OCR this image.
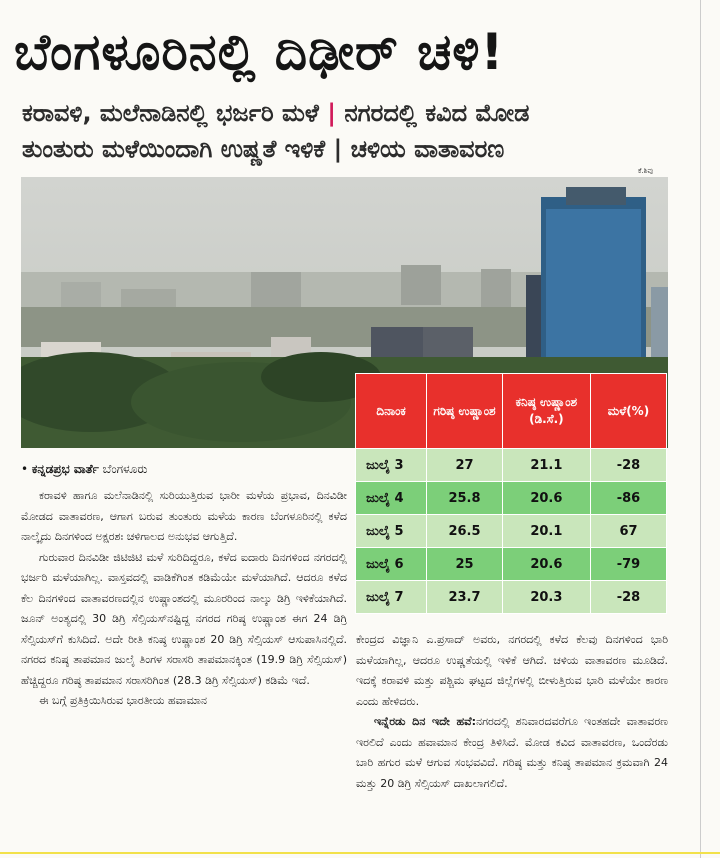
ಬೆಂಗಳೂರಿನಲ್ಲಿ ದಿಢೀರ್ ಚಳಿ!
ಕರಾವಳಿ, ಮಲೆನಾಡಿನಲ್ಲಿ ಭರ್ಜರಿ ಮಳೆ | ನಗರದಲ್ಲಿ ಕವಿದ ಮೋಡ
ತುಂತುರು ಮಳೆಯಿಂದಾಗಿ ಉಷ್ಣತೆ ಇಳಿಕೆ | ಚಳಿಯ ವಾತಾವರಣ
ಕೆ.ಶಿವು
ದಿನಾಂಕ	ಗರಿಷ್ಠ ಉಷ್ಣಾಂಶ	ಕನಿಷ್ಠ ಉಷ್ಣಾಂಶ (ಡಿ.ಸೆ.)	ಮಳೆ(%)
ಜುಲೈ 3	27	21.1	-28
ಜುಲೈ 4	25.8	20.6	-86
ಜುಲೈ 5	26.5	20.1	67
ಜುಲೈ 6	25	20.6	-79
ಜುಲೈ 7	23.7	20.3	-28
• ಕನ್ನಡಪ್ರಭ ವಾರ್ತೆ ಬೆಂಗಳೂರು

ಕರಾವಳಿ ಹಾಗೂ ಮಲೆನಾಡಿನಲ್ಲಿ ಸುರಿಯುತ್ತಿರುವ ಭಾರೀ ಮಳೆಯ ಪ್ರಭಾವ, ದಿನವಿಡೀ ಮೋಡದ ವಾತಾವರಣ, ಆಗಾಗ ಬರುವ ತುಂತುರು ಮಳೆಯ ಕಾರಣ ಬೆಂಗಳೂರಿನಲ್ಲಿ ಕಳೆದ ನಾಲ್ಕೈದು ದಿನಗಳಿಂದ ಅಕ್ಷರಶಃ ಚಳಿಗಾಲದ ಅನುಭವ ಆಗುತ್ತಿದೆ.

ಗುರುವಾರ ದಿನವಿಡೀ ಜಿಟಿಜಿಟಿ ಮಳೆ ಸುರಿದಿದ್ದರೂ, ಕಳೆದ ಐದಾರು ದಿನಗಳಿಂದ ನಗರದಲ್ಲಿ ಭರ್ಜರಿ ಮಳೆಯಾಗಿಲ್ಲ. ವಾಸ್ತವದಲ್ಲಿ ವಾಡಿಕೆಗಿಂತ ಕಡಿಮೆಯೇ ಮಳೆಯಾಗಿದೆ. ಆದರೂ ಕಳೆದ ಕೆಲ ದಿನಗಳಿಂದ ವಾತಾವರಣದಲ್ಲಿನ ಉಷ್ಣಾಂಶದಲ್ಲಿ ಮೂರರಿಂದ ನಾಲ್ಕು ಡಿಗ್ರಿ ಇಳಿಕೆಯಾಗಿದೆ. ಜೂನ್ ಅಂತ್ಯದಲ್ಲಿ 30 ಡಿಗ್ರಿ ಸೆಲ್ಸಿಯಸ್‌ನಷ್ಟಿದ್ದ ನಗರದ ಗರಿಷ್ಠ ಉಷ್ಣಾಂಶ ಈಗ 24 ಡಿಗ್ರಿ ಸೆಲ್ಸಿಯಸ್‌ಗೆ ಕುಸಿದಿದೆ. ಅದೇ ರೀತಿ ಕನಿಷ್ಠ ಉಷ್ಣಾಂಶ 20 ಡಿಗ್ರಿ ಸೆಲ್ಸಿಯಸ್ ಆಸುಪಾಸಿನಲ್ಲಿದೆ. ನಗರದ ಕನಿಷ್ಠ ತಾಪಮಾನ ಜುಲೈ ತಿಂಗಳ ಸರಾಸರಿ ತಾಪಮಾನಕ್ಕಿಂತ (19.9 ಡಿಗ್ರಿ ಸೆಲ್ಸಿಯಸ್) ಹೆಚ್ಚಿದ್ದರೂ ಗರಿಷ್ಠ ತಾಪಮಾನ ಸರಾಸರಿಗಿಂತ (28.3 ಡಿಗ್ರಿ ಸೆಲ್ಸಿಯಸ್) ಕಡಿಮೆ ಇದೆ.

ಈ ಬಗ್ಗೆ ಪ್ರತಿಕ್ರಿಯಿಸಿರುವ ಭಾರತೀಯ ಹವಾಮಾನ

ಕೇಂದ್ರದ ವಿಜ್ಞಾನಿ ಎ.ಪ್ರಸಾದ್ ಅವರು, ನಗರದಲ್ಲಿ ಕಳೆದ ಕೆಲವು ದಿನಗಳಿಂದ ಭಾರಿ ಮಳೆಯಾಗಿಲ್ಲ, ಆದರೂ ಉಷ್ಣತೆಯಲ್ಲಿ ಇಳಿಕೆ ಆಗಿದೆ. ಚಳಿಯ ವಾತಾವರಣ ಮೂಡಿದೆ. ಇದಕ್ಕೆ ಕರಾವಳಿ ಮತ್ತು ಪಶ್ಚಿಮ ಘಟ್ಟದ ಜಿಲ್ಲೆಗಳಲ್ಲಿ ಬೀಳುತ್ತಿರುವ ಭಾರಿ ಮಳೆಯೇ ಕಾರಣ ಎಂದು ಹೇಳಿದರು.

ಇನ್ನೆರಡು ದಿನ ಇದೇ ಹವೆ:ನಗರದಲ್ಲಿ ಶನಿವಾರದವರೆಗೂ ಇಂತಹದೇ ವಾತಾವರಣ ಇರಲಿದೆ ಎಂದು ಹವಾಮಾನ ಕೇಂದ್ರ ತಿಳಿಸಿದೆ. ಮೋಡ ಕವಿದ ವಾತಾವರಣ, ಒಂದೆರಡು ಬಾರಿ ಹಗುರ ಮಳೆ ಆಗುವ ಸಂಭವವಿದೆ. ಗರಿಷ್ಠ ಮತ್ತು ಕನಿಷ್ಠ ತಾಪಮಾನ ಕ್ರಮವಾಗಿ 24 ಮತ್ತು 20 ಡಿಗ್ರಿ ಸೆಲ್ಸಿಯಸ್ ದಾಖಲಾಗಲಿದೆ.
